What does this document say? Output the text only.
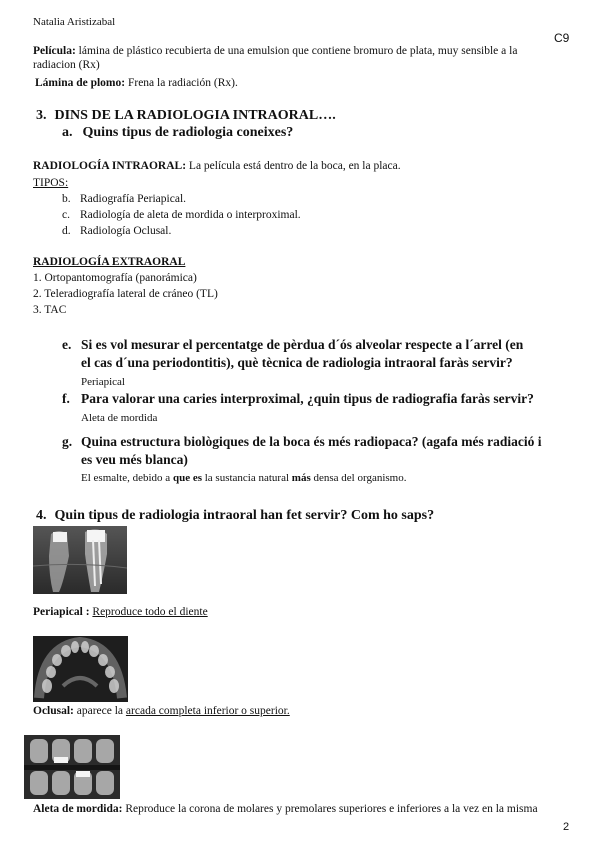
Natalia Aristizabal
C9
Película: lámina de plástico recubierta de una emulsion que contiene bromuro de plata, muy sensible a la
radiacion (Rx)
Lámina de plomo: Frena la radiación (Rx).
3. DINS DE LA RADIOLOGIA INTRAORAL….
a. Quins tipus de radiologia coneixes?
RADIOLOGÍA INTRAORAL: La película está dentro de la boca, en la placa.
TIPOS:
b. Radiografía Periapical.
c. Radiología de aleta de mordida o interproximal.
d. Radiología Oclusal.
RADIOLOGÍA EXTRAORAL
1. Ortopantomografía (panorámica)
2. Teleradiografía lateral de cráneo (TL)
3. TAC
e. Si es vol mesurar el percentatge de pèrdua d´ós alveolar respecte a l´arrel (en
el cas d´una periodontitis), què tècnica de radiologia intraoral faràs servir?
Periapical
f. Para valorar una caries interproximal, ¿quin tipus de radiografia faràs servir?
Aleta de mordida
g. Quina estructura biològiques de la boca és més radiopaca? (agafa més radiació i
es veu més blanca)
El esmalte, debido a que es la sustancia natural más densa del organismo.
4. Quin tipus de radiologia intraoral han fet servir? Com ho saps?
Periapical : Reproduce todo el diente
Oclusal: aparece la arcada completa inferior o superior.
Aleta de mordida: Reproduce la corona de molares y premolares superiores e inferiores a la vez en la misma
2
